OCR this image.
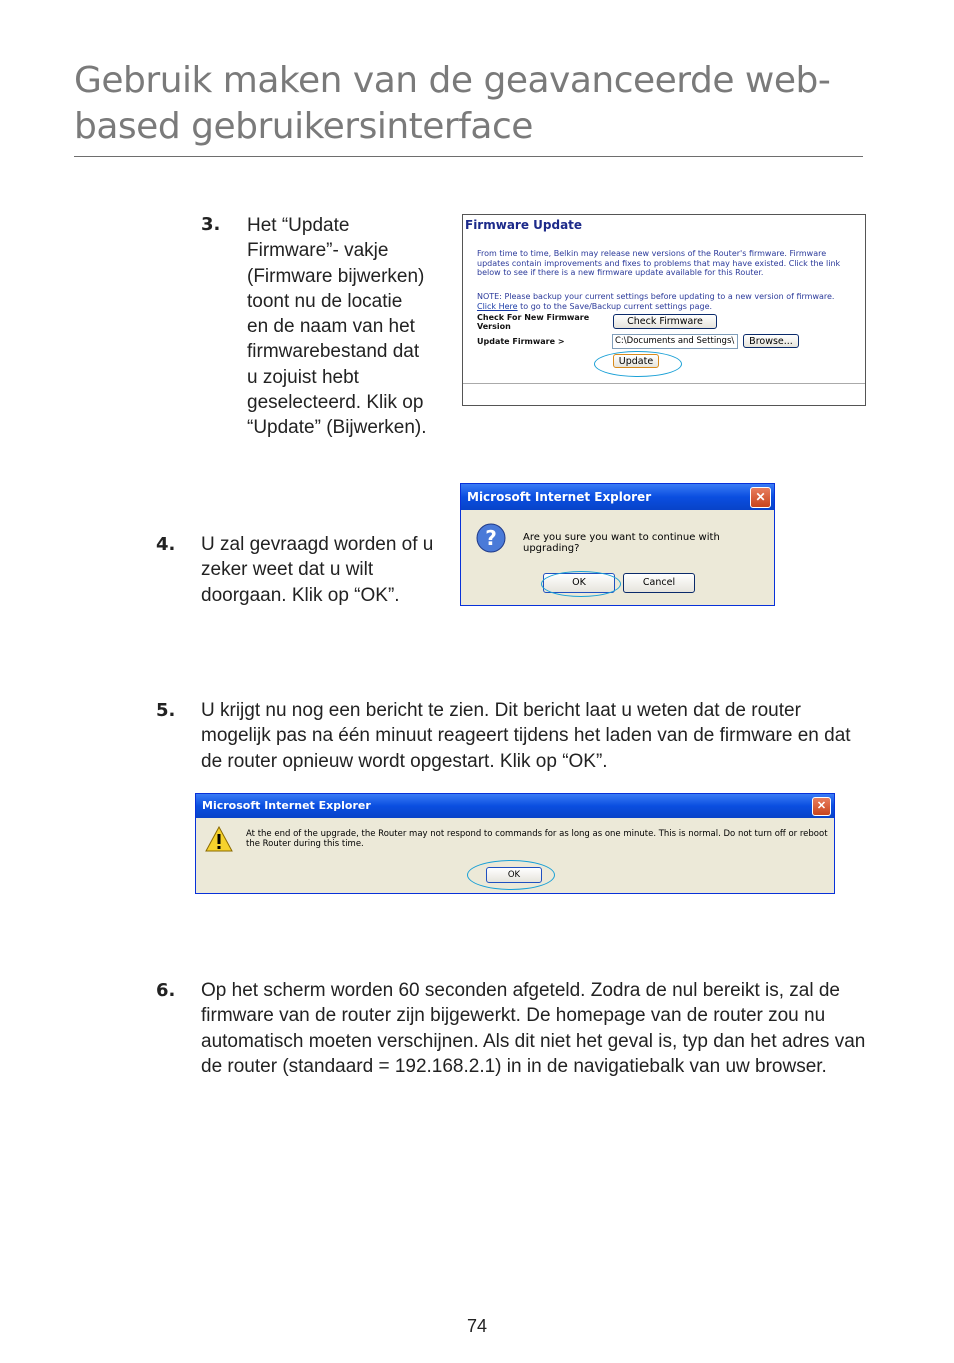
Gebruik maken van de geavanceerde web-based gebruikersinterface
3. Het “Update Firmware”- vakje (Firmware bijwerken) toont nu de locatie en de naam van het firmwarebestand dat u zojuist hebt geselecteerd. Klik op “Update” (Bijwerken).

Firmware Update
From time to time, Belkin may release new versions of the Router's firmware. Firmware updates contain improvements and fixes to problems that may have existed. Click the link below to see if there is a new firmware update available for this Router.
NOTE: Please backup your current settings before updating to a new version of firmware.
Click Here to go to the Save/Backup current settings page.
Check For New Firmware Version	Check Firmware
Update Firmware >	C:\Documents and Settings\	Browse...
Update
4. U zal gevraagd worden of u zeker weet dat u wilt doorgaan. Klik op “OK”.

Microsoft Internet Explorer	✕
?	Are you sure you want to continue with upgrading?
OK	Cancel
5. U krijgt nu nog een bericht te zien. Dit bericht laat u weten dat de router mogelijk pas na één minuut reageert tijdens het laden van de firmware en dat de router opnieuw wordt opgestart. Klik op “OK”.

Microsoft Internet Explorer	✕
At the end of the upgrade, the Router may not respond to commands for as long as one minute. This is normal. Do not turn off or reboot the Router during this time.
OK
6. Op het scherm worden 60 seconden afgeteld. Zodra de nul bereikt is, zal de firmware van de router zijn bijgewerkt. De homepage van de router zou nu automatisch moeten verschijnen. Als dit niet het geval is, typ dan het adres van de router (standaard = 192.168.2.1) in in de navigatiebalk van uw browser.

74
